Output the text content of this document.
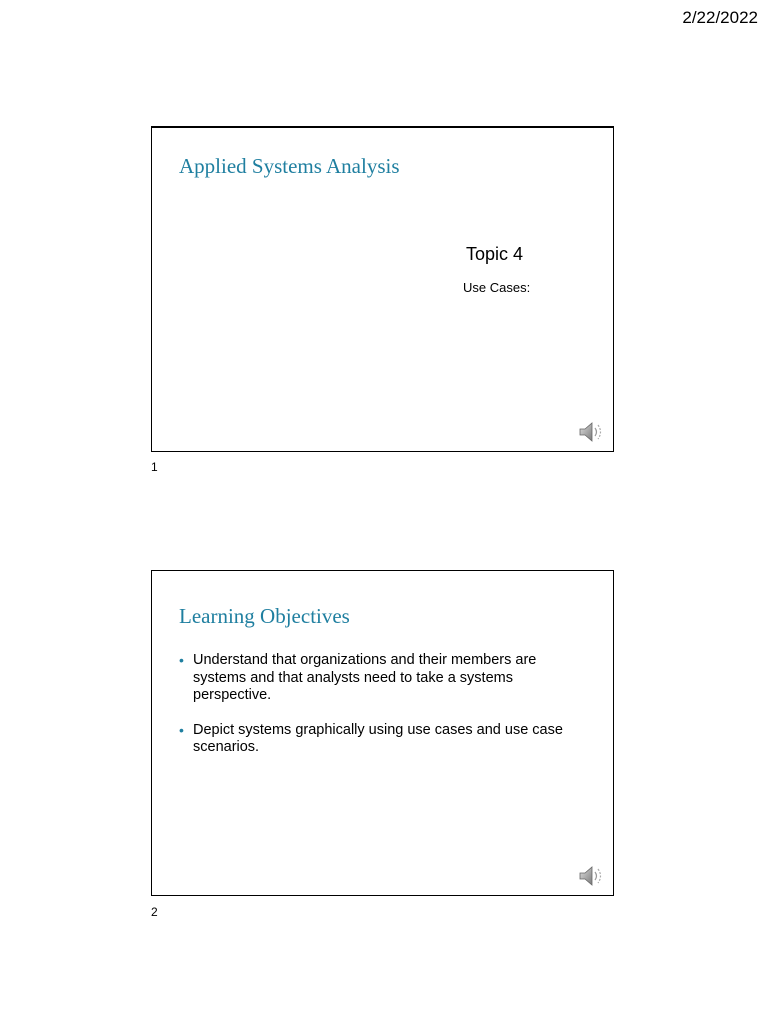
2/22/2022
Applied Systems Analysis
Topic 4
Use Cases:
1
Learning Objectives
• Understand that organizations and their members are systems and that analysts need to take a systems perspective.
• Depict systems graphically using use cases and use case scenarios.
2
